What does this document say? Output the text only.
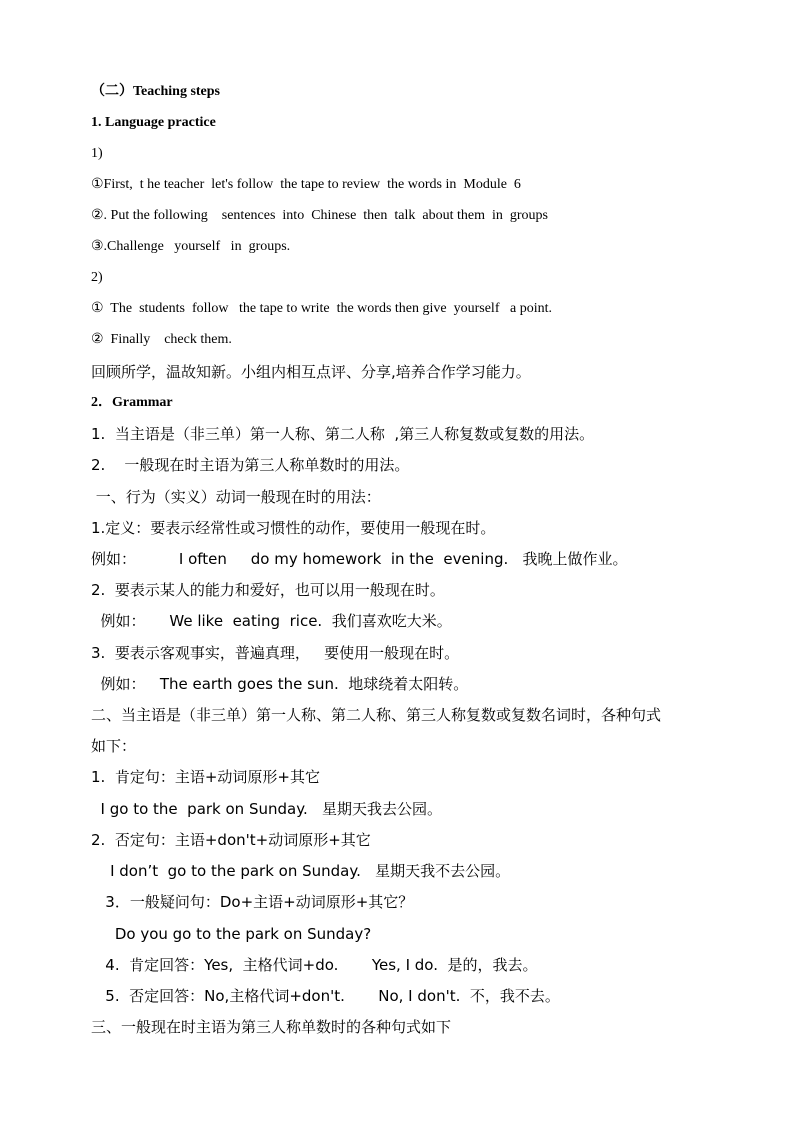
（二）Teaching steps
1. Language practice
1)
①First,  t he teacher  let's follow  the tape to review  the words in  Module  6
②. Put the following    sentences  into  Chinese  then  talk  about them  in  groups
③.Challenge   yourself   in  groups.
2)
①  The  students  follow   the tape to write  the words then give  yourself   a point.
②  Finally    check them.
回顾所学，温故知新。小组内相互点评、分享,培养合作学习能力。
2．Grammar
1.  当主语是（非三单）第一人称、第二人称  ,第三人称复数或复数的用法。
2.    一般现在时主语为第三人称单数时的用法。
一、行为（实义）动词一般现在时的用法：
1.定义：要表示经常性或习惯性的动作，要使用一般现在时。
例如：         I often     do my homework  in the  evening.   我晚上做作业。
2.  要表示某人的能力和爱好，也可以用一般现在时。
例如：     We like  eating  rice.  我们喜欢吃大米。
3.  要表示客观事实，普遍真理，   要使用一般现在时。
例如：   The earth goes the sun.  地球绕着太阳转。
二、当主语是（非三单）第一人称、第二人称、第三人称复数或复数名词时，各种句式
如下：
1.  肯定句：主语+动词原形+其它
I go to the  park on Sunday.   星期天我去公园。
2.  否定句：主语+don't+动词原形+其它
I don’t  go to the park on Sunday.   星期天我不去公园。
3．一般疑问句：Do+主语+动词原形+其它？
Do you go to the park on Sunday?
4.  肯定回答：Yes,  主格代词+do.       Yes, I do.  是的，我去。
5.  否定回答：No,主格代词+don't.       No, I don't.  不，我不去。
三、一般现在时主语为第三人称单数时的各种句式如下
